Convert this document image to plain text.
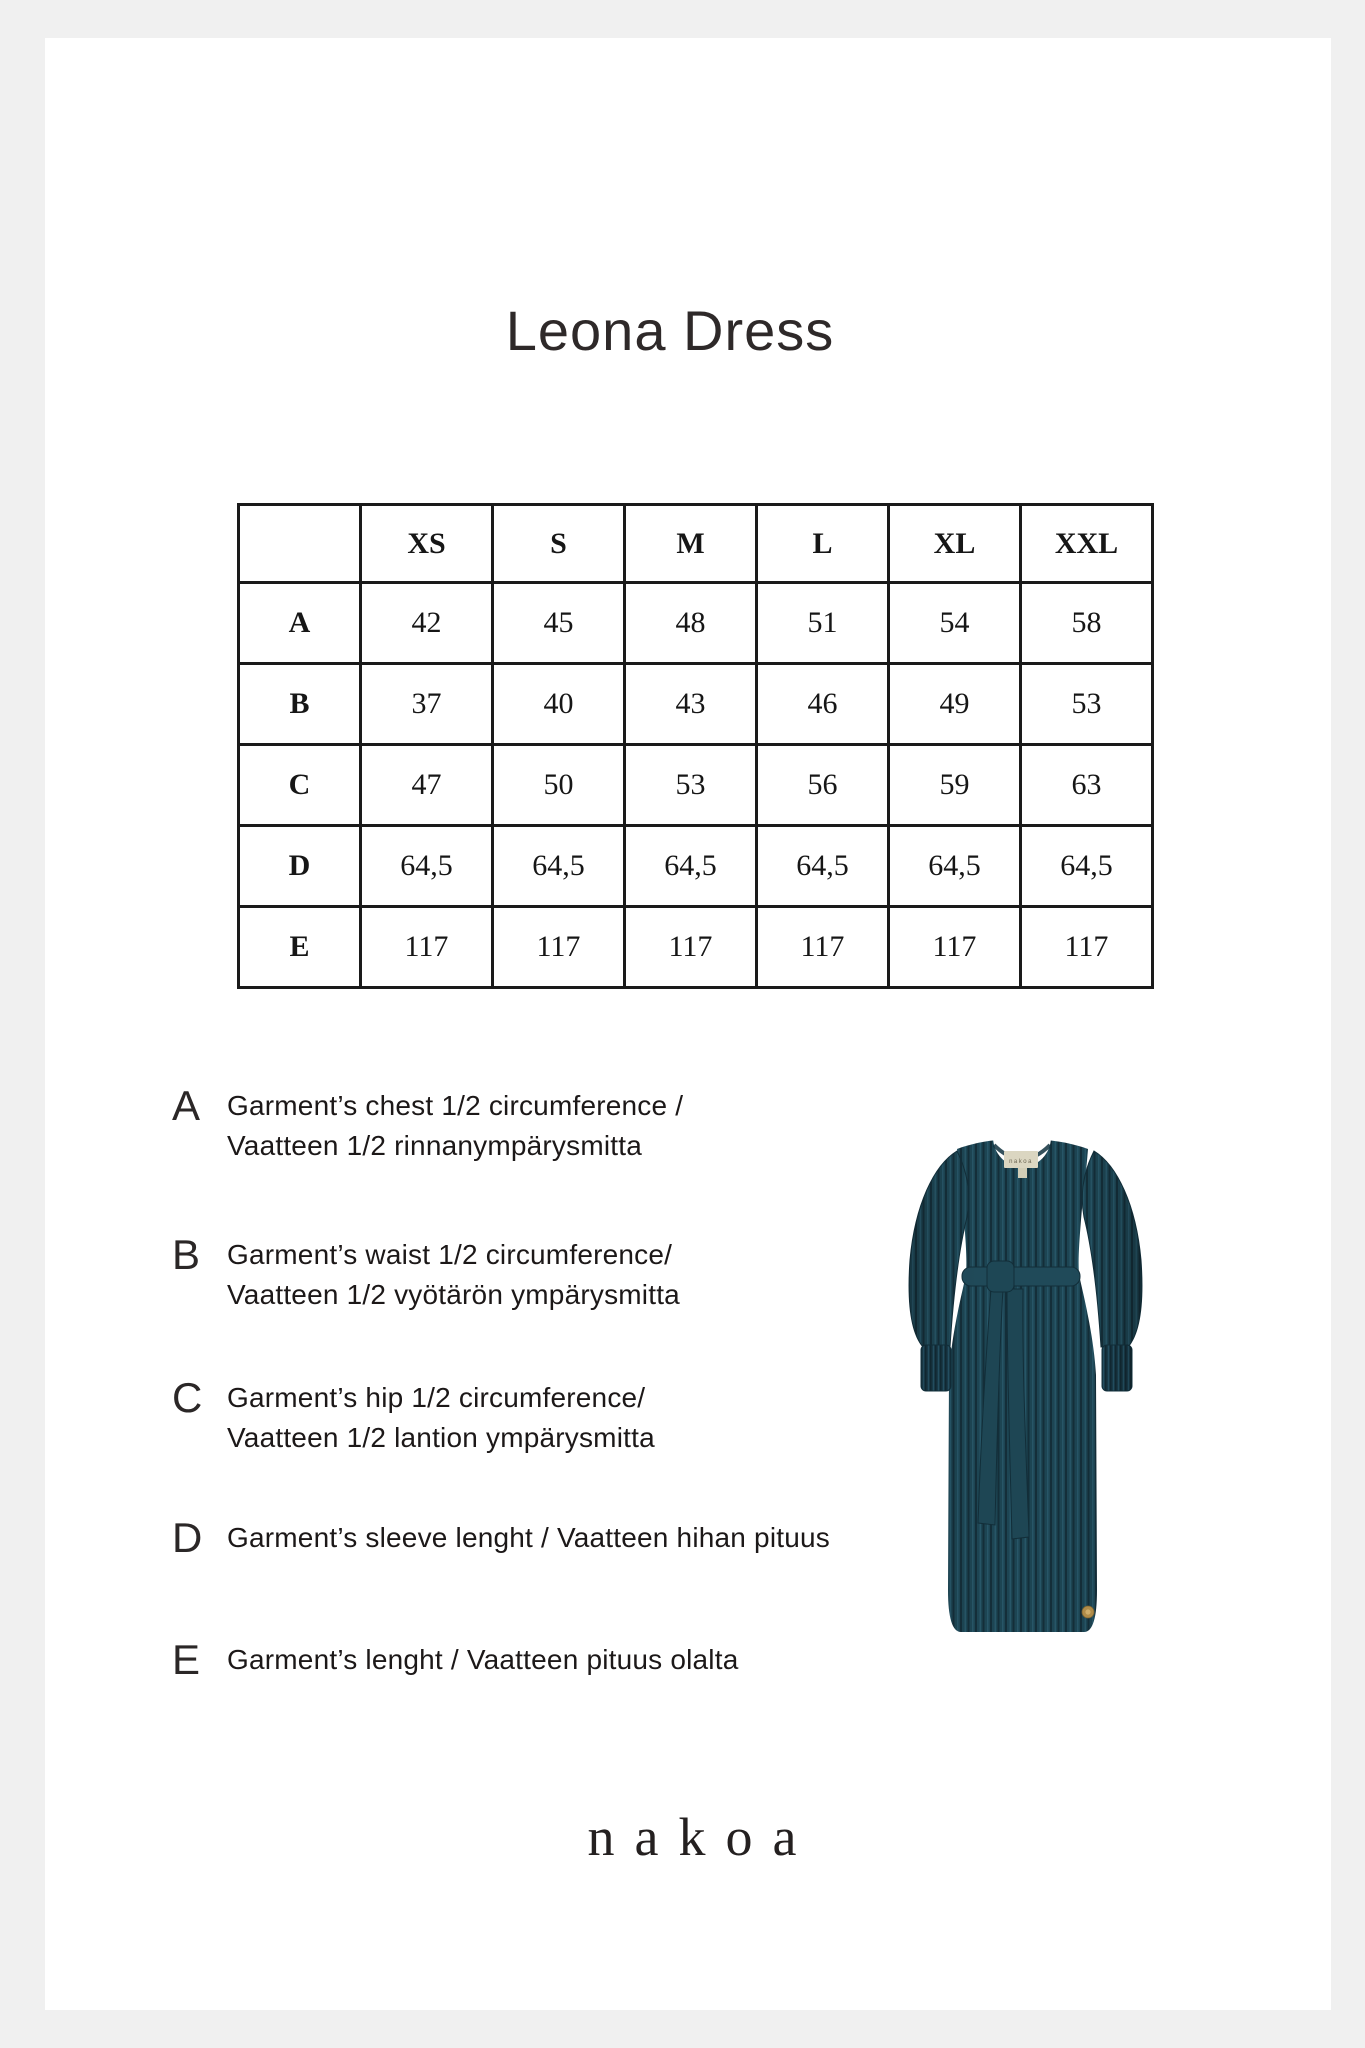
Leona Dress
	XS	S	M	L	XL	XXL
A	42	45	48	51	54	58
B	37	40	43	46	49	53
C	47	50	53	56	59	63
D	64,5	64,5	64,5	64,5	64,5	64,5
E	117	117	117	117	117	117
A Garment’s chest 1/2 circumference /
Vaatteen 1/2 rinnanympärysmitta
B Garment’s waist 1/2 circumference/
Vaatteen 1/2 vyötärön ympärysmitta
C Garment’s hip 1/2 circumference/
Vaatteen 1/2 lantion ympärysmitta
D Garment’s sleeve lenght / Vaatteen hihan pituus
E Garment’s lenght / Vaatteen pituus olalta
nakoa
nakoa
